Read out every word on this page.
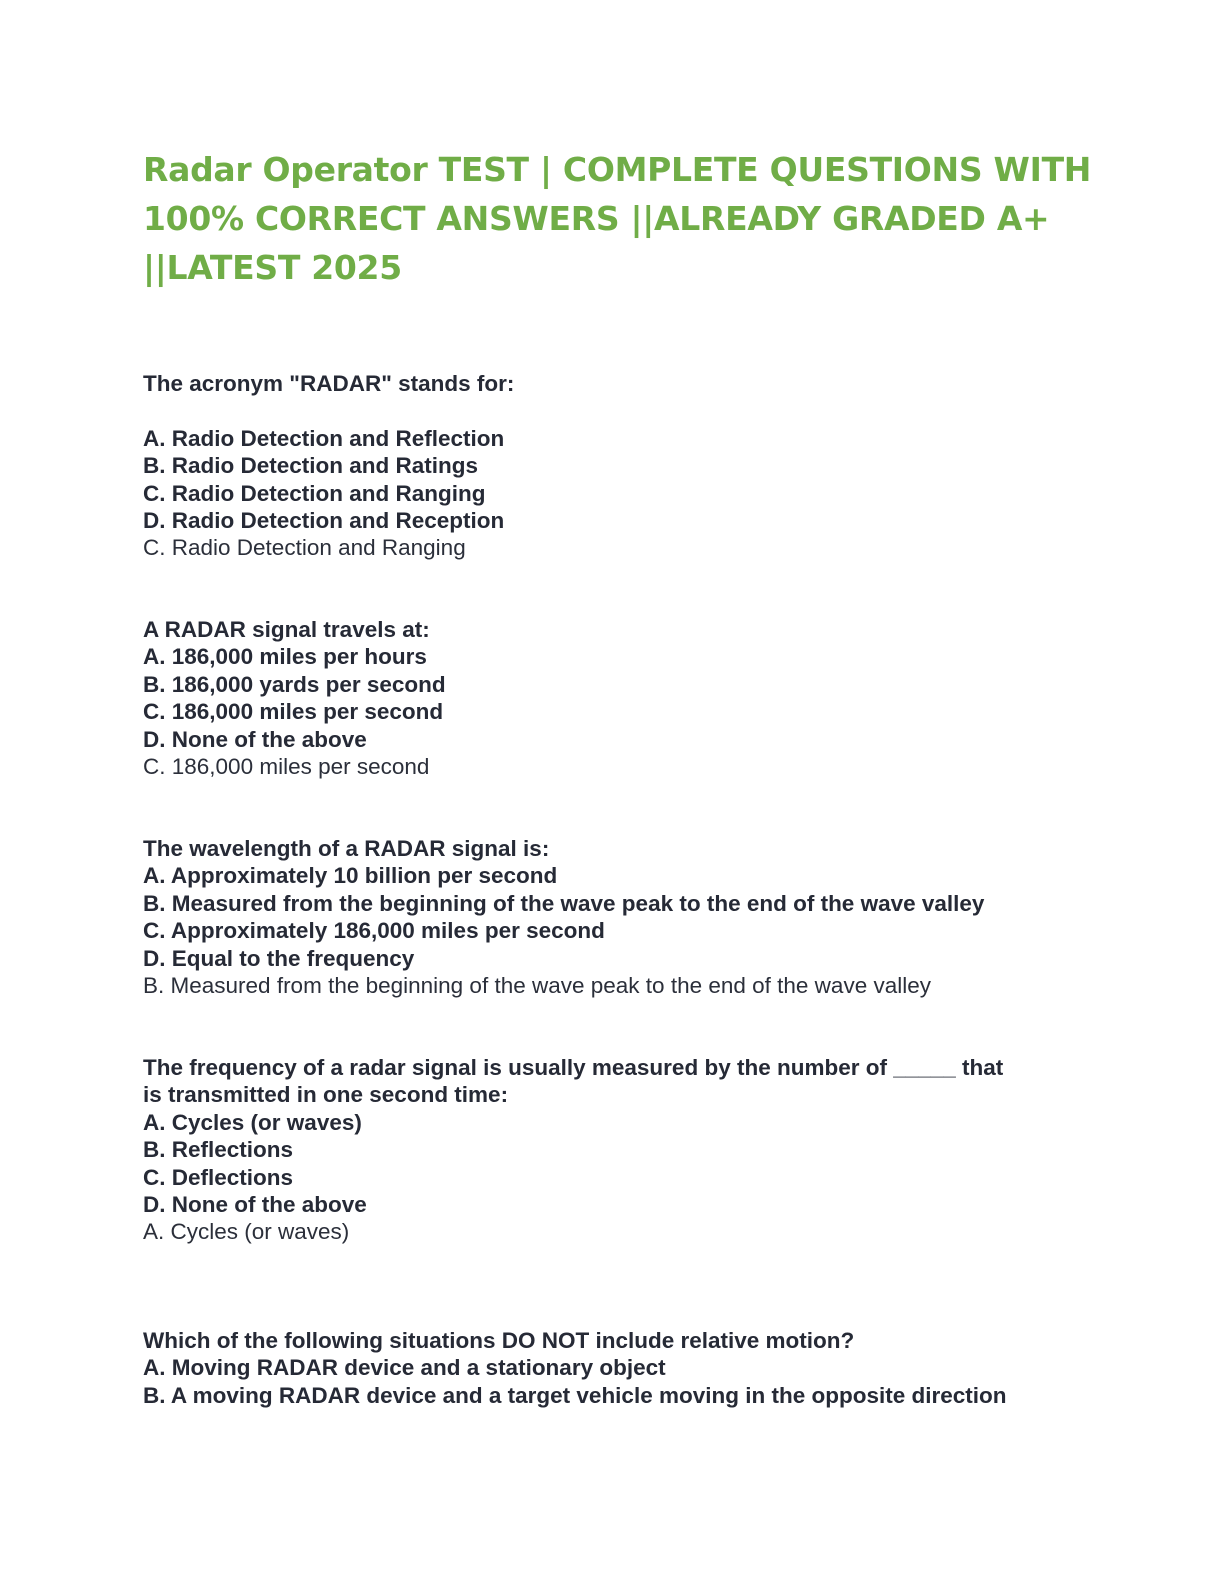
Radar Operator TEST | COMPLETE QUESTIONS WITH
100% CORRECT ANSWERS ||ALREADY GRADED A+
||LATEST 2025
The acronym "RADAR" stands for:
A. Radio Detection and Reflection
B. Radio Detection and Ratings
C. Radio Detection and Ranging
D. Radio Detection and Reception
C. Radio Detection and Ranging
A RADAR signal travels at:
A. 186,000 miles per hours
B. 186,000 yards per second
C. 186,000 miles per second
D. None of the above
C. 186,000 miles per second
The wavelength of a RADAR signal is:
A. Approximately 10 billion per second
B. Measured from the beginning of the wave peak to the end of the wave valley
C. Approximately 186,000 miles per second
D. Equal to the frequency
B. Measured from the beginning of the wave peak to the end of the wave valley
The frequency of a radar signal is usually measured by the number of _____ that
is transmitted in one second time:
A. Cycles (or waves)
B. Reflections
C. Deflections
D. None of the above
A. Cycles (or waves)
Which of the following situations DO NOT include relative motion?
A. Moving RADAR device and a stationary object
B. A moving RADAR device and a target vehicle moving in the opposite direction
